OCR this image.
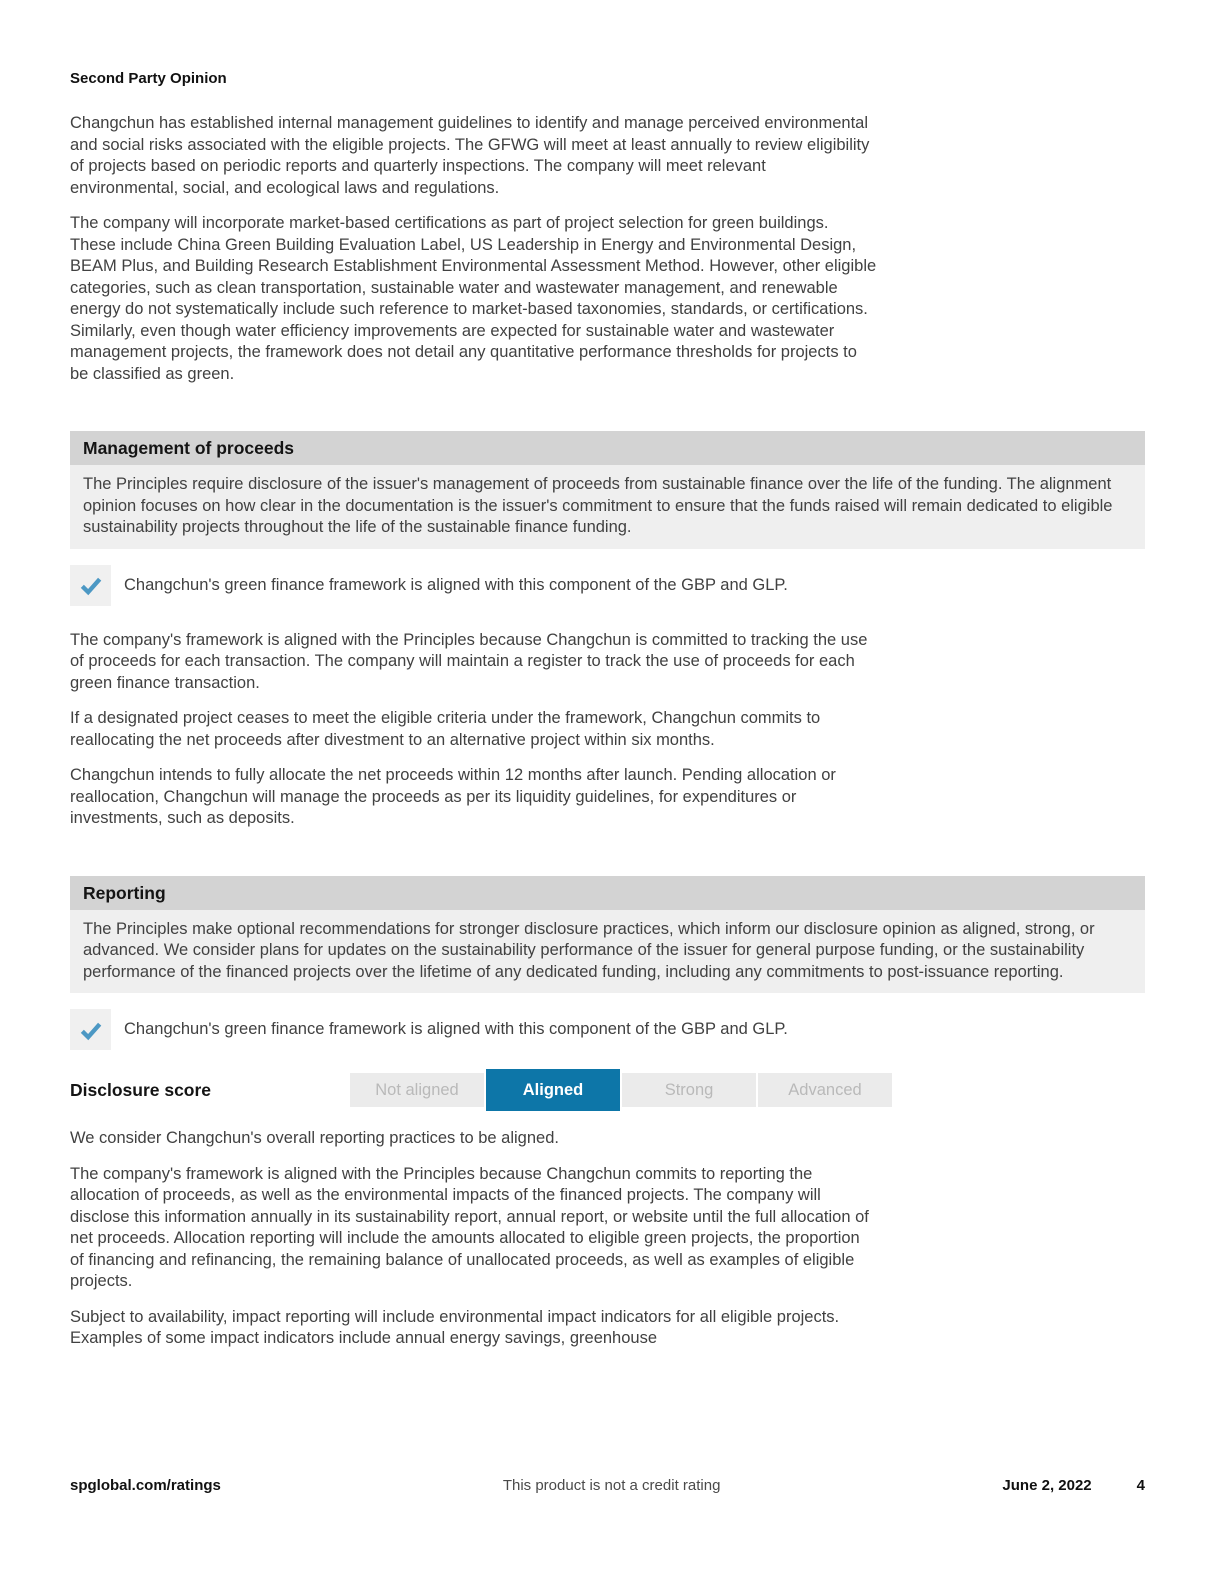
Second Party Opinion

Changchun has established internal management guidelines to identify and manage perceived environmental and social risks associated with the eligible projects. The GFWG will meet at least annually to review eligibility of projects based on periodic reports and quarterly inspections. The company will meet relevant environmental, social, and ecological laws and regulations.

The company will incorporate market-based certifications as part of project selection for green buildings. These include China Green Building Evaluation Label, US Leadership in Energy and Environmental Design, BEAM Plus, and Building Research Establishment Environmental Assessment Method. However, other eligible categories, such as clean transportation, sustainable water and wastewater management, and renewable energy do not systematically include such reference to market-based taxonomies, standards, or certifications. Similarly, even though water efficiency improvements are expected for sustainable water and wastewater management projects, the framework does not detail any quantitative performance thresholds for projects to be classified as green.

Management of proceeds
The Principles require disclosure of the issuer's management of proceeds from sustainable finance over the life of the funding. The alignment opinion focuses on how clear in the documentation is the issuer's commitment to ensure that the funds raised will remain dedicated to eligible sustainability projects throughout the life of the sustainable finance funding.
Changchun's green finance framework is aligned with this component of the GBP and GLP.

The company's framework is aligned with the Principles because Changchun is committed to tracking the use of proceeds for each transaction. The company will maintain a register to track the use of proceeds for each green finance transaction.

If a designated project ceases to meet the eligible criteria under the framework, Changchun commits to reallocating the net proceeds after divestment to an alternative project within six months.

Changchun intends to fully allocate the net proceeds within 12 months after launch. Pending allocation or reallocation, Changchun will manage the proceeds as per its liquidity guidelines, for expenditures or investments, such as deposits.

Reporting
The Principles make optional recommendations for stronger disclosure practices, which inform our disclosure opinion as aligned, strong, or advanced. We consider plans for updates on the sustainability performance of the issuer for general purpose funding, or the sustainability performance of the financed projects over the lifetime of any dedicated funding, including any commitments to post-issuance reporting.
Changchun's green finance framework is aligned with this component of the GBP and GLP.
Disclosure score	Not aligned	Aligned	Strong	Advanced

We consider Changchun's overall reporting practices to be aligned.

The company's framework is aligned with the Principles because Changchun commits to reporting the allocation of proceeds, as well as the environmental impacts of the financed projects. The company will disclose this information annually in its sustainability report, annual report, or website until the full allocation of net proceeds. Allocation reporting will include the amounts allocated to eligible green projects, the proportion of financing and refinancing, the remaining balance of unallocated proceeds, as well as examples of eligible projects.

Subject to availability, impact reporting will include environmental impact indicators for all eligible projects. Examples of some impact indicators include annual energy savings, greenhouse

spglobal.com/ratings	This product is not a credit rating	June 2, 2022	4
